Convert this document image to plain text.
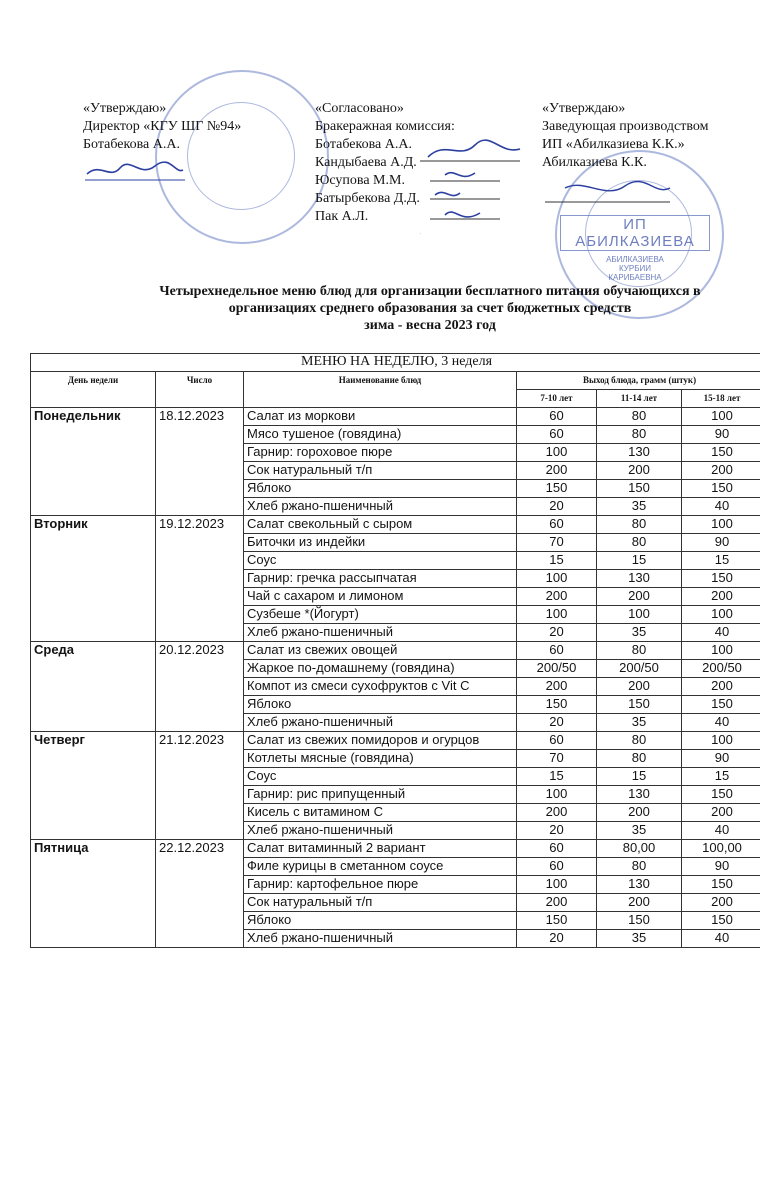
ИП АБИЛКАЗИЕВА
АБИЛКАЗИЕВА
КУРБИИ
КАРИБАЕВНА
«Утверждаю»
Директор «КГУ ШГ №94»
Ботабекова А.А.
«Согласовано»
Бракеражная комиссия:
Ботабекова А.А.
Кандыбаева А.Д.
Юсупова М.М.
Батырбекова Д.Д.
Пак А.Л.
«Утверждаю»
Заведующая производством
ИП «Абилказиева К.К.»
Абилказиева К.К.
Четырехнедельное меню блюд для организации бесплатного питания обучающихся в
организациях среднего образования за счет бюджетных средств
зима - весна 2023 год
МЕНЮ НА НЕДЕЛЮ, 3 неделя					
День недели	Число	Наименование блюд	Выход блюда, грамм (штук)		
			7-10 лет	11-14 лет	15-18 лет
Понедельник	18.12.2023	Салат из моркови	60	80	100
		Мясо тушеное (говядина)	60	80	90
		Гарнир: гороховое пюре	100	130	150
		Сок натуральный т/п	200	200	200
		Яблоко	150	150	150
		Хлеб ржано-пшеничный	20	35	40
Вторник	19.12.2023	Салат свекольный с сыром	60	80	100
		Биточки из индейки	70	80	90
		Соус	15	15	15
		Гарнир: гречка рассыпчатая	100	130	150
		Чай с сахаром и лимоном	200	200	200
		Сузбеше *(Йогурт)	100	100	100
		Хлеб ржано-пшеничный	20	35	40
Среда	20.12.2023	Салат из свежих овощей	60	80	100
		Жаркое по-домашнему (говядина)	200/50	200/50	200/50
		Компот из смеси сухофруктов с Vit C	200	200	200
		Яблоко	150	150	150
		Хлеб ржано-пшеничный	20	35	40
Четверг	21.12.2023	Салат из свежих помидоров и огурцов	60	80	100
		Котлеты мясные (говядина)	70	80	90
		Соус	15	15	15
		Гарнир: рис припущенный	100	130	150
		Кисель с витамином С	200	200	200
		Хлеб ржано-пшеничный	20	35	40
Пятница	22.12.2023	Салат витаминный 2 вариант	60	80,00	100,00
		Филе курицы в сметанном соусе	60	80	90
		Гарнир: картофельное пюре	100	130	150
		Сок натуральный т/п	200	200	200
		Яблоко	150	150	150
		Хлеб ржано-пшеничный	20	35	40
